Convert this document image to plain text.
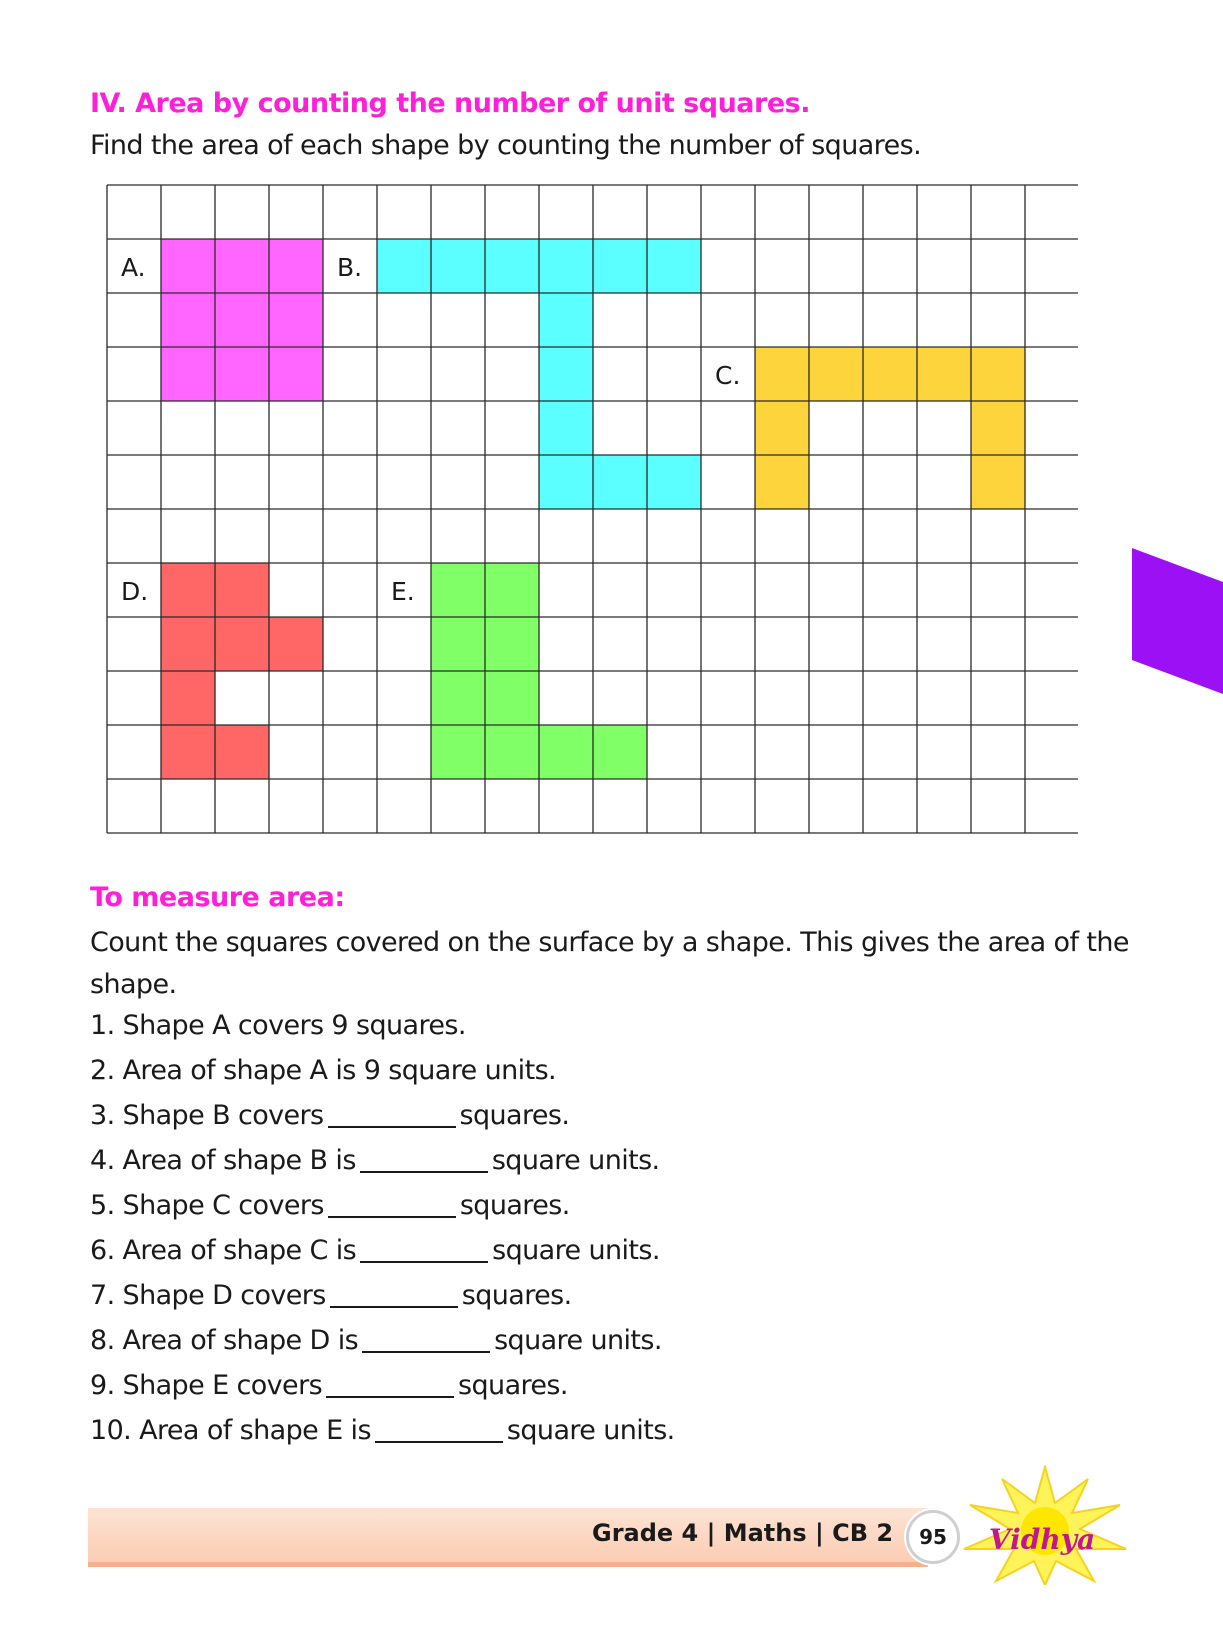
IV. Area by counting the number of unit squares.
Find the area of each shape by counting the number of squares.
A.	B.
C.
D.	E.
To measure area:
Count the squares covered on the surface by a shape. This gives the area of the shape.
1. Shape A covers 9 squares.
2. Area of shape A is 9 square units.
3. Shape B covers	squares.
4. Area of shape B is	square units.
5. Shape C covers	squares.
6. Area of shape C is	square units.
7. Shape D covers	squares.
8. Area of shape D is	square units.
9. Shape E covers	squares.
10. Area of shape E is	square units.
Grade 4 | Maths | CB 2	95	Vidhya
